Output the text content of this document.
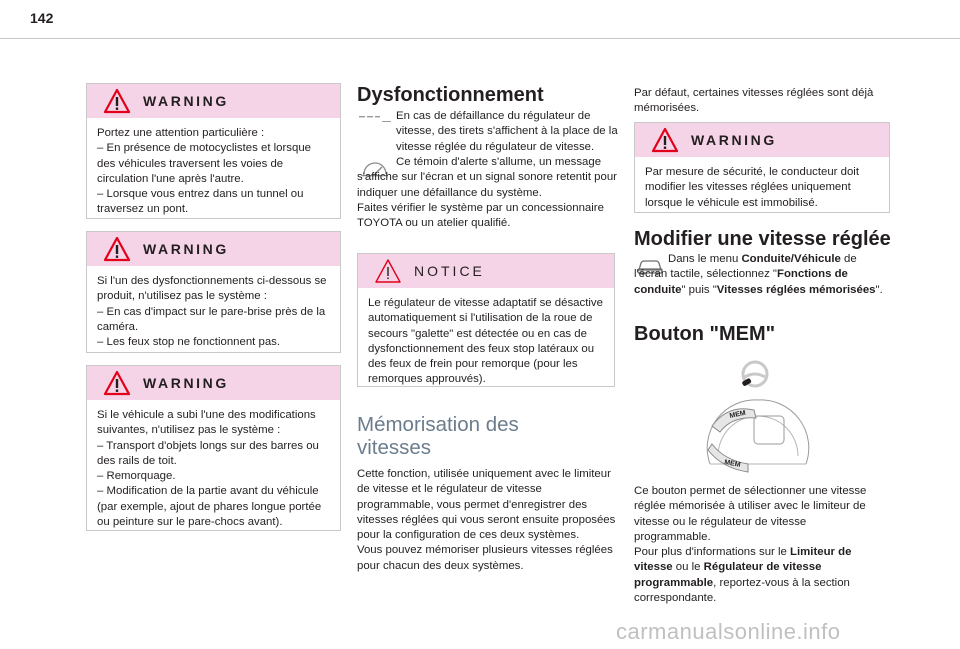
142
WARNING

Portez une attention particulière :
– En présence de motocyclistes et lorsque des véhicules traversent les voies de circulation l'une après l'autre.
– Lorsque vous entrez dans un tunnel ou traversez un pont.

WARNING

Si l'un des dysfonctionnements ci-dessous se produit, n'utilisez pas le système :
– En cas d'impact sur le pare-brise près de la caméra.
– Les feux stop ne fonctionnent pas.

WARNING

Si le véhicule a subi l'une des modifications suivantes, n'utilisez pas le système :
– Transport d'objets longs sur des barres ou des rails de toit.
– Remorquage.
– Modification de la partie avant du véhicule (par exemple, ajout de phares longue portée ou peinture sur le pare-chocs avant).

Dysfonctionnement

En cas de défaillance du régulateur de vitesse, des tirets s'affichent à la place de la vitesse réglée du régulateur de vitesse.

Ce témoin d'alerte s'allume, un message s'affiche sur l'écran et un signal sonore retentit pour indiquer une défaillance du système.
Faites vérifier le système par un concessionnaire TOYOTA ou un atelier qualifié.

NOTICE

Le régulateur de vitesse adaptatif se désactive automatiquement si l'utilisation de la roue de secours "galette" est détectée ou en cas de dysfonctionnement des feux stop latéraux ou des feux de frein pour remorque (pour les remorques approuvés).

Mémorisation des vitesses

Cette fonction, utilisée uniquement avec le limiteur de vitesse et le régulateur de vitesse programmable, vous permet d'enregistrer des vitesses réglées qui vous seront ensuite proposées pour la configuration de ces deux systèmes.
Vous pouvez mémoriser plusieurs vitesses réglées pour chacun des deux systèmes.

Par défaut, certaines vitesses réglées sont déjà mémorisées.

WARNING

Par mesure de sécurité, le conducteur doit modifier les vitesses réglées uniquement lorsque le véhicule est immobilisé.

Modifier une vitesse réglée

Dans le menu Conduite/Véhicule de l'écran tactile, sélectionnez "Fonctions de conduite" puis "Vitesses réglées mémorisées".

Bouton "MEM"
MEM
MEM

Ce bouton permet de sélectionner une vitesse réglée mémorisée à utiliser avec le limiteur de vitesse ou le régulateur de vitesse programmable.
Pour plus d'informations sur le Limiteur de vitesse ou le Régulateur de vitesse programmable, reportez-vous à la section correspondante.

carmanualsonline.info
